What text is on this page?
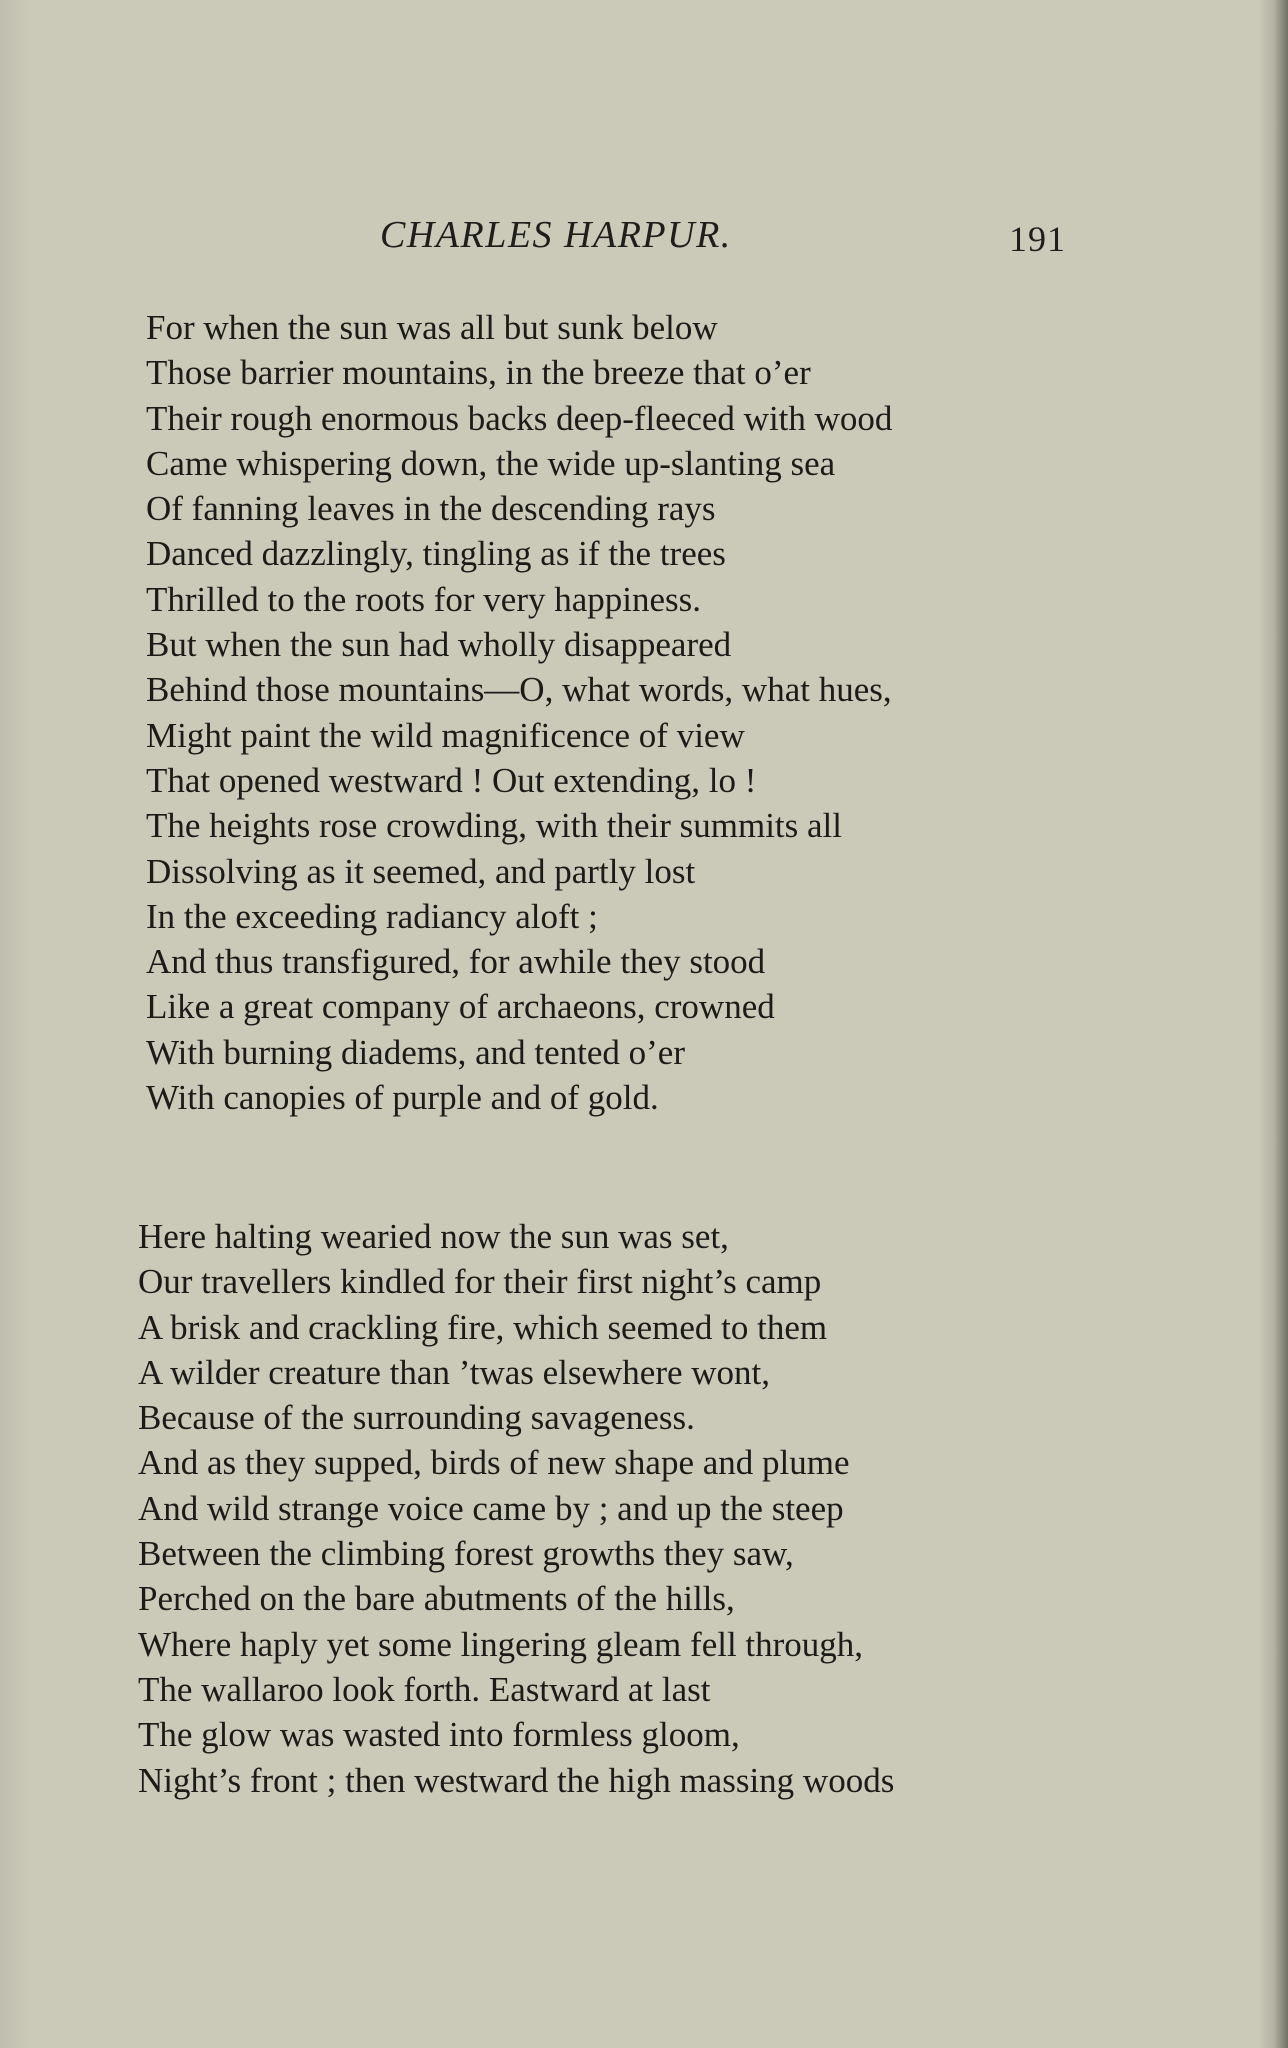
CHARLES HARPUR.	191
For when the sun was all but sunk below
Those barrier mountains, in the breeze that o’er
Their rough enormous backs deep-fleeced with wood
Came whispering down, the wide up-slanting sea
Of fanning leaves in the descending rays
Danced dazzlingly, tingling as if the trees
Thrilled to the roots for very happiness.
But when the sun had wholly disappeared
Behind those mountains—O, what words, what hues,
Might paint the wild magnificence of view
That opened westward ! Out extending, lo !
The heights rose crowding, with their summits all
Dissolving as it seemed, and partly lost
In the exceeding radiancy aloft ;
And thus transfigured, for awhile they stood
Like a great company of archaeons, crowned
With burning diadems, and tented o’er
With canopies of purple and of gold.
Here halting wearied now the sun was set,
Our travellers kindled for their first night’s camp
A brisk and crackling fire, which seemed to them
A wilder creature than ’twas elsewhere wont,
Because of the surrounding savageness.
And as they supped, birds of new shape and plume
And wild strange voice came by ; and up the steep
Between the climbing forest growths they saw,
Perched on the bare abutments of the hills,
Where haply yet some lingering gleam fell through,
The wallaroo look forth. Eastward at last
The glow was wasted into formless gloom,
Night’s front ; then westward the high massing woods
